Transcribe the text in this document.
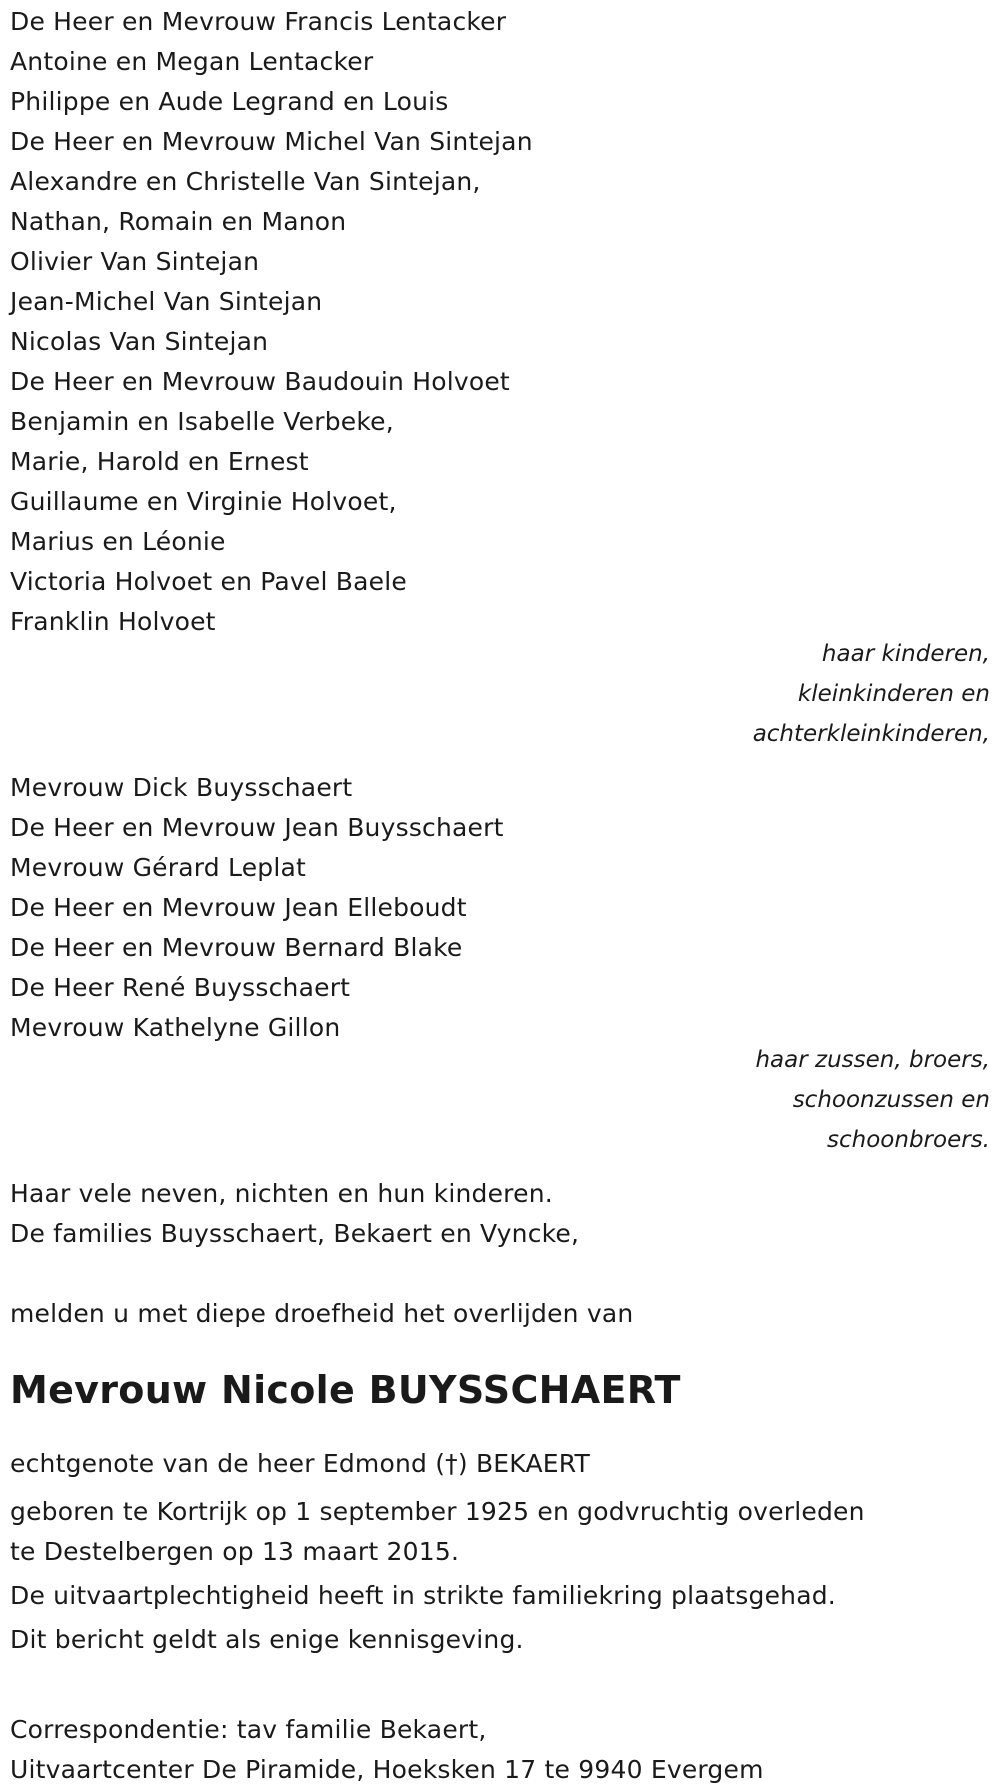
De Heer en Mevrouw Francis Lentacker
Antoine en Megan Lentacker
Philippe en Aude Legrand en Louis
De Heer en Mevrouw Michel Van Sintejan
Alexandre en Christelle Van Sintejan,
Nathan, Romain en Manon
Olivier Van Sintejan
Jean-Michel Van Sintejan
Nicolas Van Sintejan
De Heer en Mevrouw Baudouin Holvoet
Benjamin en Isabelle Verbeke,
Marie, Harold en Ernest
Guillaume en Virginie Holvoet,
Marius en Léonie
Victoria Holvoet en Pavel Baele
Franklin Holvoet
haar kinderen,
kleinkinderen en
achterkleinkinderen,
Mevrouw Dick Buysschaert
De Heer en Mevrouw Jean Buysschaert
Mevrouw Gérard Leplat
De Heer en Mevrouw Jean Elleboudt
De Heer en Mevrouw Bernard Blake
De Heer René Buysschaert
Mevrouw Kathelyne Gillon
haar zussen, broers,
schoonzussen en
schoonbroers.
Haar vele neven, nichten en hun kinderen.
De families Buysschaert, Bekaert en Vyncke,
melden u met diepe droefheid het overlijden van
Mevrouw Nicole BUYSSCHAERT
echtgenote van de heer Edmond (†) BEKAERT
geboren te Kortrijk op 1 september 1925 en godvruchtig overleden te Destelbergen op 13 maart 2015.
De uitvaartplechtigheid heeft in strikte familiekring plaatsgehad.
Dit bericht geldt als enige kennisgeving.
Correspondentie: tav familie Bekaert,
Uitvaartcenter De Piramide, Hoeksken 17 te 9940 Evergem
